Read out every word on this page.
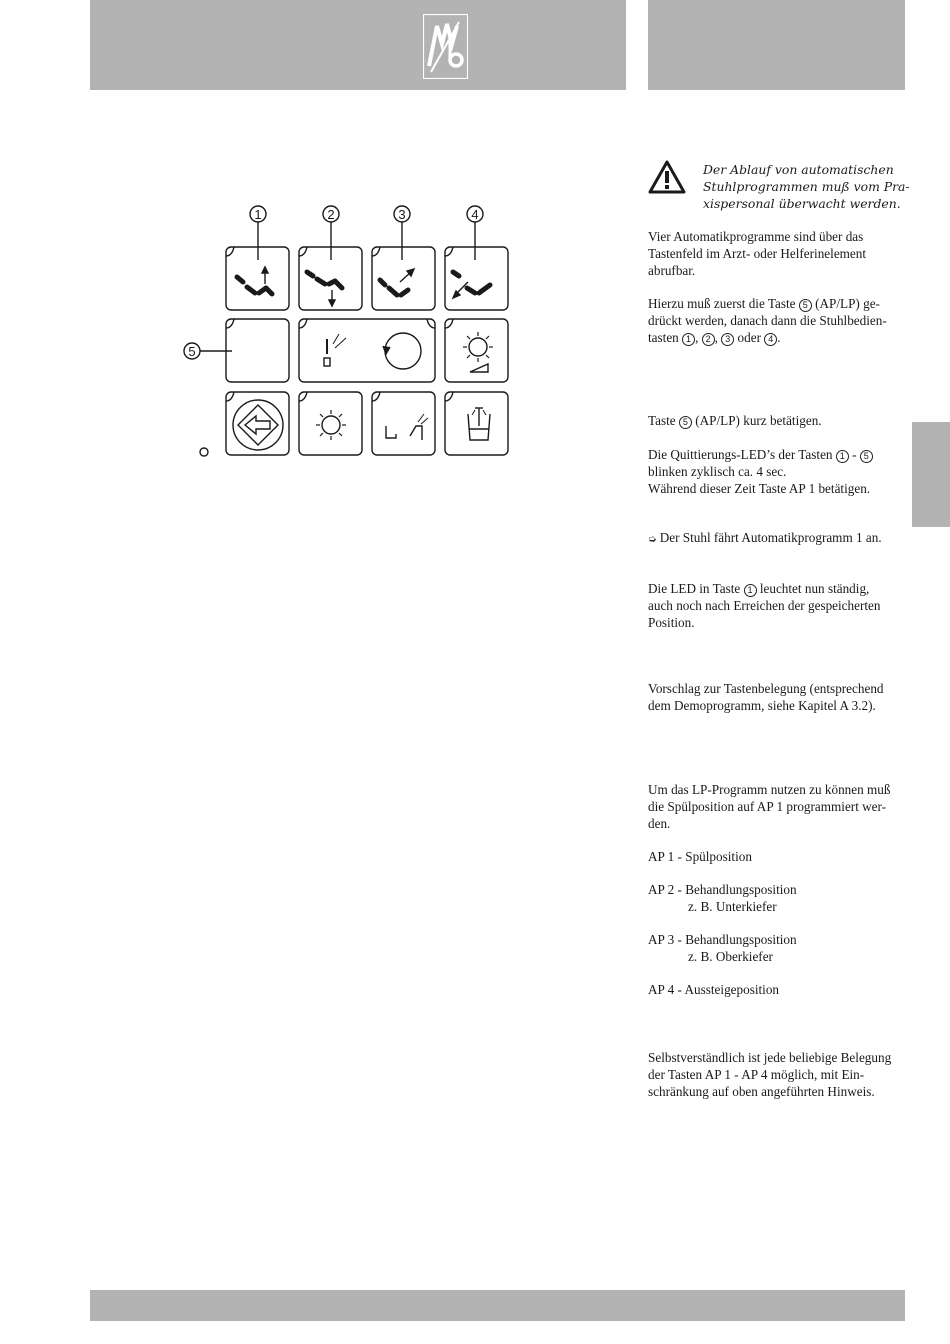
1	2	3	4
5

Der Ablauf von automatischen

Stuhlprogrammen muß vom Pra-

xispersonal überwacht werden.

Vier Automatikprogramme sind über das

Tastenfeld im Arzt- oder Helferinelement

abrufbar.

Hierzu muß zuerst die Taste 5 (AP/LP) ge-

drückt werden, danach dann die Stuhlbedien-

tasten 1 , 2 , 3 oder 4 .

Taste 5 (AP/LP) kurz betätigen.

Die Quittierungs-LED’s der Tasten 1 - 5

blinken zyklisch ca. 4 sec.

Während dieser Zeit Taste AP 1 betätigen.

➭ Der Stuhl fährt Automatikprogramm 1 an.

Die LED in Taste 1 leuchtet nun ständig,

auch noch nach Erreichen der gespeicherten

Position.

Vorschlag zur Tastenbelegung (entsprechend

dem Demoprogramm, siehe Kapitel A 3.2).

Um das LP-Programm nutzen zu können muß

die Spülposition auf AP 1 programmiert wer-

den.

AP 1 - Spülposition

AP 2 - Behandlungsposition

z. B. Unterkiefer

AP 3 - Behandlungsposition

z. B. Oberkiefer

AP 4 - Aussteigeposition

Selbstverständlich ist jede beliebige Belegung

der Tasten AP 1 - AP 4 möglich, mit Ein-

schränkung auf oben angeführten Hinweis.
